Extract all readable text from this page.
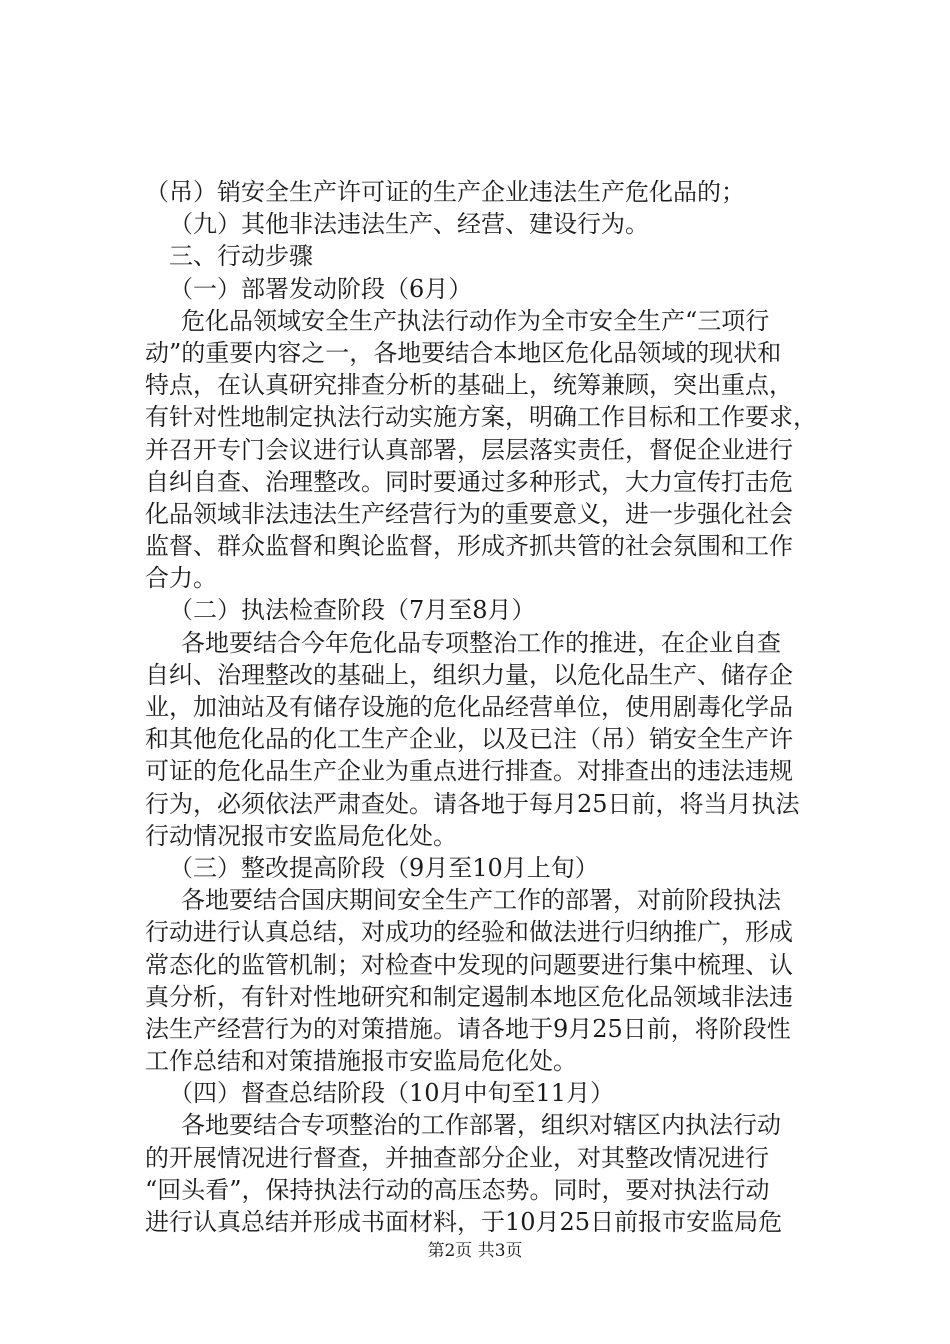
（吊）销安全生产许可证的生产企业违法生产危化品的；
（九）其他非法违法生产、经营、建设行为。
三、行动步骤
（一）部署发动阶段（6月）
危化品领域安全生产执法行动作为全市安全生产“三项行
动”的重要内容之一，各地要结合本地区危化品领域的现状和
特点，在认真研究排查分析的基础上，统筹兼顾，突出重点，
有针对性地制定执法行动实施方案，明确工作目标和工作要求，
并召开专门会议进行认真部署，层层落实责任，督促企业进行
自纠自查、治理整改。同时要通过多种形式，大力宣传打击危
化品领域非法违法生产经营行为的重要意义，进一步强化社会
监督、群众监督和舆论监督，形成齐抓共管的社会氛围和工作
合力。
（二）执法检查阶段（7月至8月）
各地要结合今年危化品专项整治工作的推进，在企业自查
自纠、治理整改的基础上，组织力量，以危化品生产、储存企
业，加油站及有储存设施的危化品经营单位，使用剧毒化学品
和其他危化品的化工生产企业，以及已注（吊）销安全生产许
可证的危化品生产企业为重点进行排查。对排查出的违法违规
行为，必须依法严肃查处。请各地于每月25日前，将当月执法
行动情况报市安监局危化处。
（三）整改提高阶段（9月至10月上旬）
各地要结合国庆期间安全生产工作的部署，对前阶段执法
行动进行认真总结，对成功的经验和做法进行归纳推广，形成
常态化的监管机制；对检查中发现的问题要进行集中梳理、认
真分析，有针对性地研究和制定遏制本地区危化品领域非法违
法生产经营行为的对策措施。请各地于9月25日前，将阶段性
工作总结和对策措施报市安监局危化处。
（四）督查总结阶段（10月中旬至11月）
各地要结合专项整治的工作部署，组织对辖区内执法行动
的开展情况进行督查，并抽查部分企业，对其整改情况进行
“回头看”，保持执法行动的高压态势。同时，要对执法行动
进行认真总结并形成书面材料，于10月25日前报市安监局危
第2页 共3页
